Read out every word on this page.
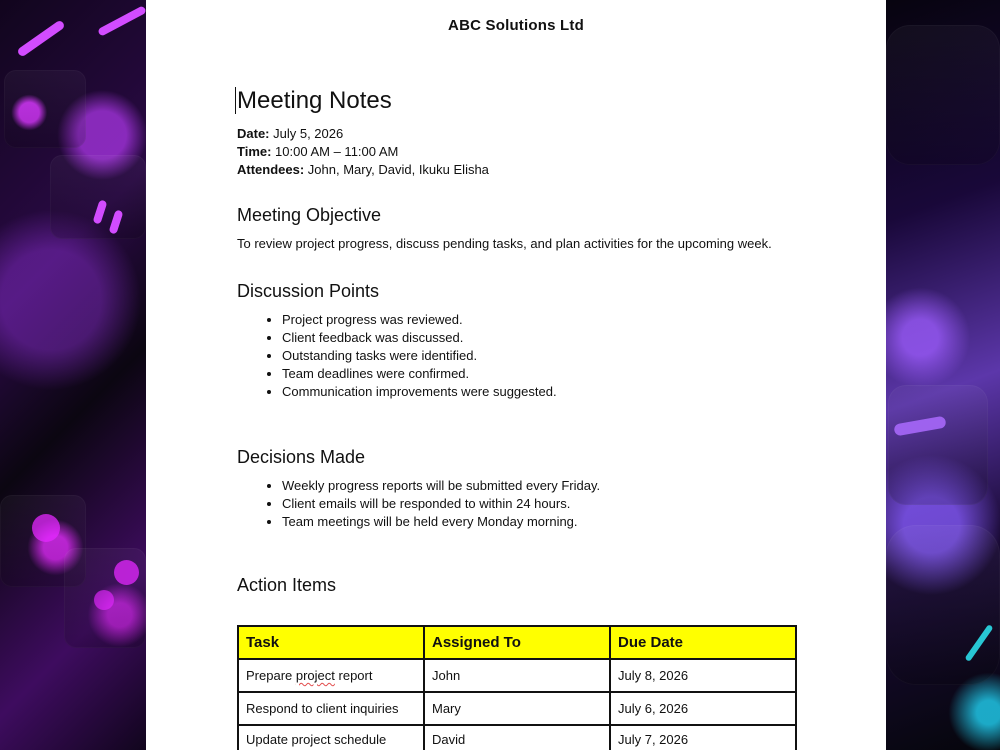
ABC Solutions Ltd
Meeting Notes

Date: July 5, 2026

Time: 10:00 AM – 11:00 AM

Attendees: John, Mary, David, Ikuku Elisha

Meeting Objective

To review project progress, discuss pending tasks, and plan activities for the upcoming week.

Discussion Points
• Project progress was reviewed.
• Client feedback was discussed.
• Outstanding tasks were identified.
• Team deadlines were confirmed.
• Communication improvements were suggested.
Decisions Made
• Weekly progress reports will be submitted every Friday.
• Client emails will be responded to within 24 hours.
• Team meetings will be held every Monday morning.
Action Items
Task	Assigned To	Due Date
Prepare project report	John	July 8, 2026
Respond to client inquiries	Mary	July 6, 2026
Update project schedule	David	July 7, 2026
